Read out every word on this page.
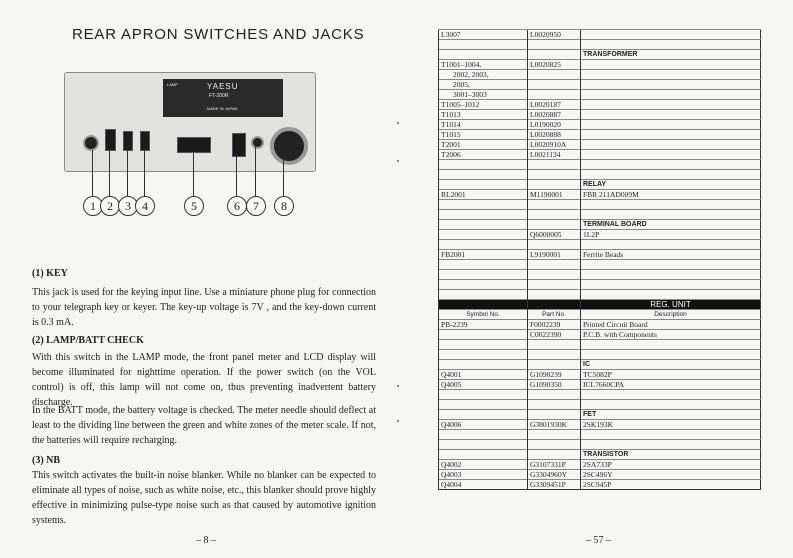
REAR APRON SWITCHES AND JACKS
LAMP	YAESU
FT-200R
MADE IN JAPAN
1 2	3 4	5	6	7	8
(1) KEY
This jack is used for the keying input line. Use a miniature phone plug for connection to your telegraph key or keyer. The key-up voltage is 7V , and the key-down current is 0.3 mA.
(2) LAMP/BATT CHECK
With this switch in the LAMP mode, the front panel meter and LCD display will become illuminated for nighttime operation. If the power switch (on the VOL control) is off, this lamp will not come on, thus preventing inadvertent battery discharge.
In the BATT mode, the battery voltage is checked. The meter needle should deflect at least to the dividing line between the green and white zones of the meter scale. If not, the batteries will require recharging.
(3) NB
This switch activates the built-in noise blanker. While no blanker can be expected to eliminate all types of noise, such as white noise, etc., this blanker should prove highly effective in minimizing pulse-type noise such as that caused by automotive ignition systems.
– 8 –
L3007	L0020950	

		TRANSFORMER
T1001–1004,	L0020825	
2002, 2003,		
2005,		
3001–3003		
T1005–1012	L0020187	
T1013	L0020887	
T1014	L0190020	
T1015	L0020888	
T2001	L0020910A	
T2006	L0021134	

		RELAY
RL2001	M1190001	FBR 211AD009M

		TERMINAL BOARD
	Q6000005	1L2P

FB2001	L9190001	Ferrite Beads

		REG. UNIT
Symbol No.	Part No.	Description
PB-2239	F0002239	Printed Circuit Board
	C0022390	P.C.B. with Components

		IC
Q4001	G1090239	TC5082P
Q4005	G1090350	ICL7660CPA

		FET
Q4006	G3801930K	2SK193K

		TRANSISTOR
Q4002	G3107331P	2SA733P
Q4003	G3304960Y	2SC496Y
Q4004	G3309451P	2SC945P
– 57 –
